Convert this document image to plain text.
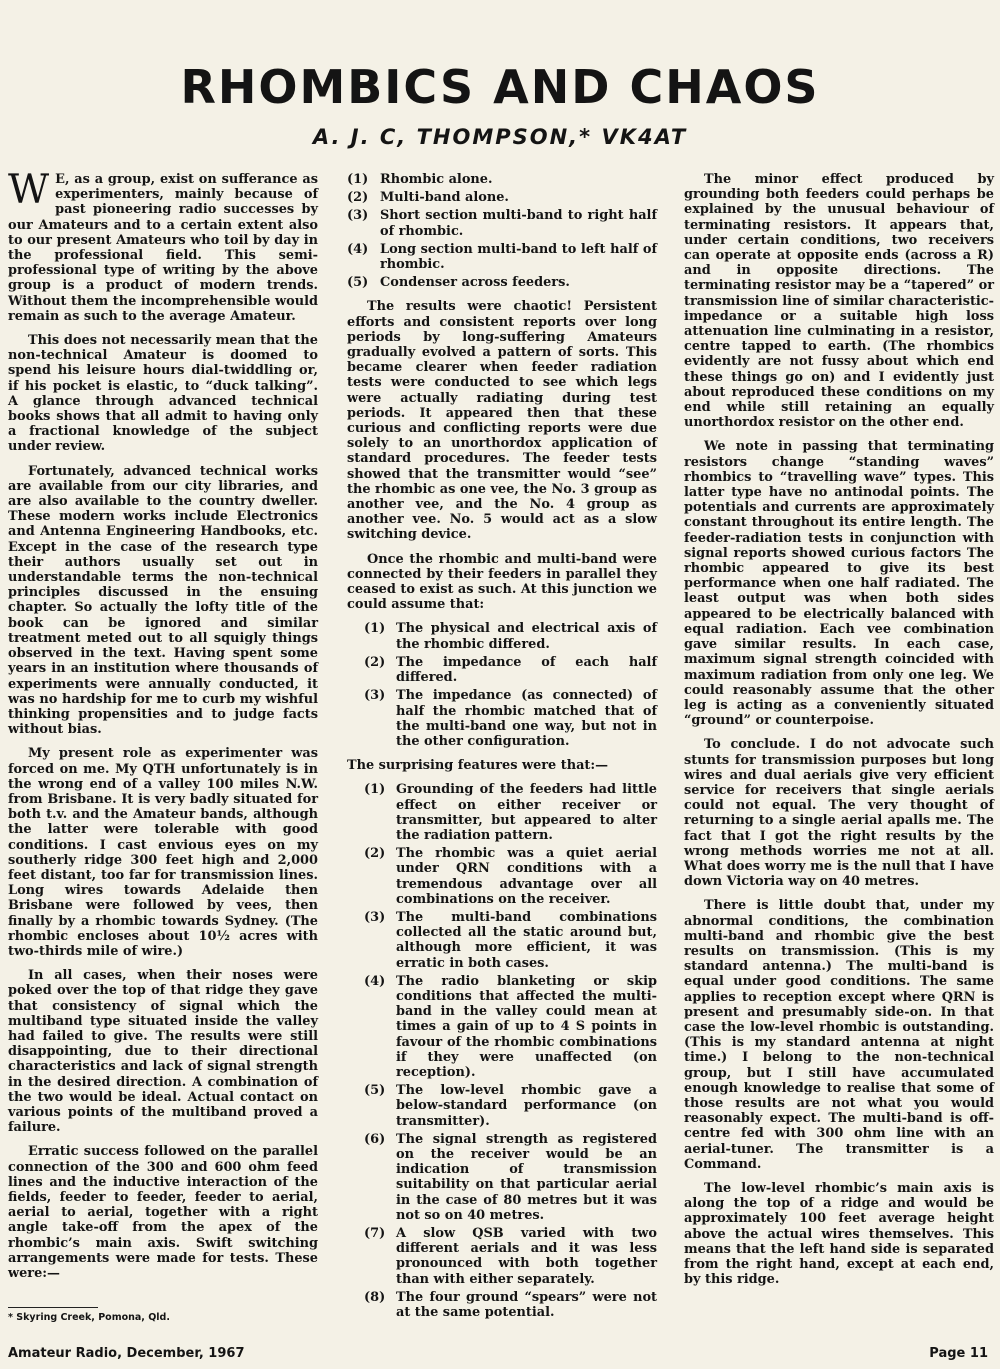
RHOMBICS AND CHAOS
A. J. C, THOMPSON,* VK4AT

W E, as a group, exist on sufferance as experimenters, mainly because of past pioneering radio successes by our Amateurs and to a certain extent also to our present Amateurs who toil by day in the professional field. This semi-professional type of writing by the above group is a product of modern trends. Without them the incomprehensible would remain as such to the average Amateur.

This does not necessarily mean that the non-technical Amateur is doomed to spend his leisure hours dial-twiddling or, if his pocket is elastic, to “duck talking”. A glance through advanced technical books shows that all admit to having only a fractional knowledge of the subject under review.

Fortunately, advanced technical works are available from our city libraries, and are also available to the country dweller. These modern works include Electronics and Antenna Engineering Handbooks, etc. Except in the case of the research type their authors usually set out in understandable terms the non-technical principles discussed in the ensuing chapter. So actually the lofty title of the book can be ignored and similar treatment meted out to all squigly things observed in the text. Having spent some years in an institution where thousands of experiments were annually conducted, it was no hardship for me to curb my wishful thinking propensities and to judge facts without bias.

My present role as experimenter was forced on me. My QTH unfortunately is in the wrong end of a valley 100 miles N.W. from Brisbane. It is very badly situated for both t.v. and the Amateur bands, although the latter were tolerable with good conditions. I cast envious eyes on my southerly ridge 300 feet high and 2,000 feet distant, too far for transmission lines. Long wires towards Adelaide then Brisbane were followed by vees, then finally by a rhombic towards Sydney. (The rhombic encloses about 10½ acres with two-thirds mile of wire.)

In all cases, when their noses were poked over the top of that ridge they gave that consistency of signal which the multiband type situated inside the valley had failed to give. The results were still disappointing, due to their directional characteristics and lack of signal strength in the desired direction. A combination of the two would be ideal. Actual contact on various points of the multiband proved a failure.

Erratic success followed on the parallel connection of the 300 and 600 ohm feed lines and the inductive interaction of the fields, feeder to feeder, feeder to aerial, aerial to aerial, together with a right angle take-off from the apex of the rhombic’s main axis. Swift switching arrangements were made for tests. These were:—

(1) Rhombic alone.
(2) Multi-band alone.
(3) Short section multi-band to right half of rhombic.
(4) Long section multi-band to left half of rhombic.
(5) Condenser across feeders.

The results were chaotic! Persistent efforts and consistent reports over long periods by long-suffering Amateurs gradually evolved a pattern of sorts. This became clearer when feeder radiation tests were conducted to see which legs were actually radiating during test periods. It appeared then that these curious and conflicting reports were due solely to an unorthordox application of standard procedures. The feeder tests showed that the transmitter would “see” the rhombic as one vee, the No. 3 group as another vee, and the No. 4 group as another vee. No. 5 would act as a slow switching device.

Once the rhombic and multi-band were connected by their feeders in parallel they ceased to exist as such. At this junction we could assume that:

(1) The physical and electrical axis of the rhombic differed.
(2) The impedance of each half differed.
(3) The impedance (as connected) of half the rhombic matched that of the multi-band one way, but not in the other configuration.

The surprising features were that:—

(1) Grounding of the feeders had little effect on either receiver or transmitter, but appeared to alter the radiation pattern.
(2) The rhombic was a quiet aerial under QRN conditions with a tremendous advantage over all combinations on the receiver.
(3) The multi-band combinations collected all the static around but, although more efficient, it was erratic in both cases.
(4) The radio blanketing or skip conditions that affected the multi-band in the valley could mean at times a gain of up to 4 S points in favour of the rhombic combinations if they were unaffected (on reception).
(5) The low-level rhombic gave a below-standard performance (on transmitter).
(6) The signal strength as registered on the receiver would be an indication of transmission suitability on that particular aerial in the case of 80 metres but it was not so on 40 metres.
(7) A slow QSB varied with two different aerials and it was less pronounced with both together than with either separately.
(8) The four ground “spears” were not at the same potential.

The minor effect produced by grounding both feeders could perhaps be explained by the unusual behaviour of terminating resistors. It appears that, under certain conditions, two receivers can operate at opposite ends (across a R) and in opposite directions. The terminating resistor may be a “tapered” or transmission line of similar characteristic-impedance or a suitable high loss attenuation line culminating in a resistor, centre tapped to earth. (The rhombics evidently are not fussy about which end these things go on) and I evidently just about reproduced these conditions on my end while still retaining an equally unorthordox resistor on the other end.

We note in passing that terminating resistors change “standing waves” rhombics to “travelling wave” types. This latter type have no antinodal points. The potentials and currents are approximately constant throughout its entire length. The feeder-radiation tests in conjunction with signal reports showed curious factors The rhombic appeared to give its best performance when one half radiated. The least output was when both sides appeared to be electrically balanced with equal radiation. Each vee combination gave similar results. In each case, maximum signal strength coincided with maximum radiation from only one leg. We could reasonably assume that the other leg is acting as a conveniently situated “ground” or counterpoise.

To conclude. I do not advocate such stunts for transmission purposes but long wires and dual aerials give very efficient service for receivers that single aerials could not equal. The very thought of returning to a single aerial apalls me. The fact that I got the right results by the wrong methods worries me not at all. What does worry me is the null that I have down Victoria way on 40 metres.

There is little doubt that, under my abnormal conditions, the combination multi-band and rhombic give the best results on transmission. (This is my standard antenna.) The multi-band is equal under good conditions. The same applies to reception except where QRN is present and presumably side-on. In that case the low-level rhombic is outstanding. (This is my standard antenna at night time.) I belong to the non-technical group, but I still have accumulated enough knowledge to realise that some of those results are not what you would reasonably expect. The multi-band is off-centre fed with 300 ohm line with an aerial-tuner. The transmitter is a Command.

The low-level rhombic’s main axis is along the top of a ridge and would be approximately 100 feet average height above the actual wires themselves. This means that the left hand side is separated from the right hand, except at each end, by this ridge.

* Skyring Creek, Pomona, Qld.
Amateur Radio, December, 1967	Page 11
